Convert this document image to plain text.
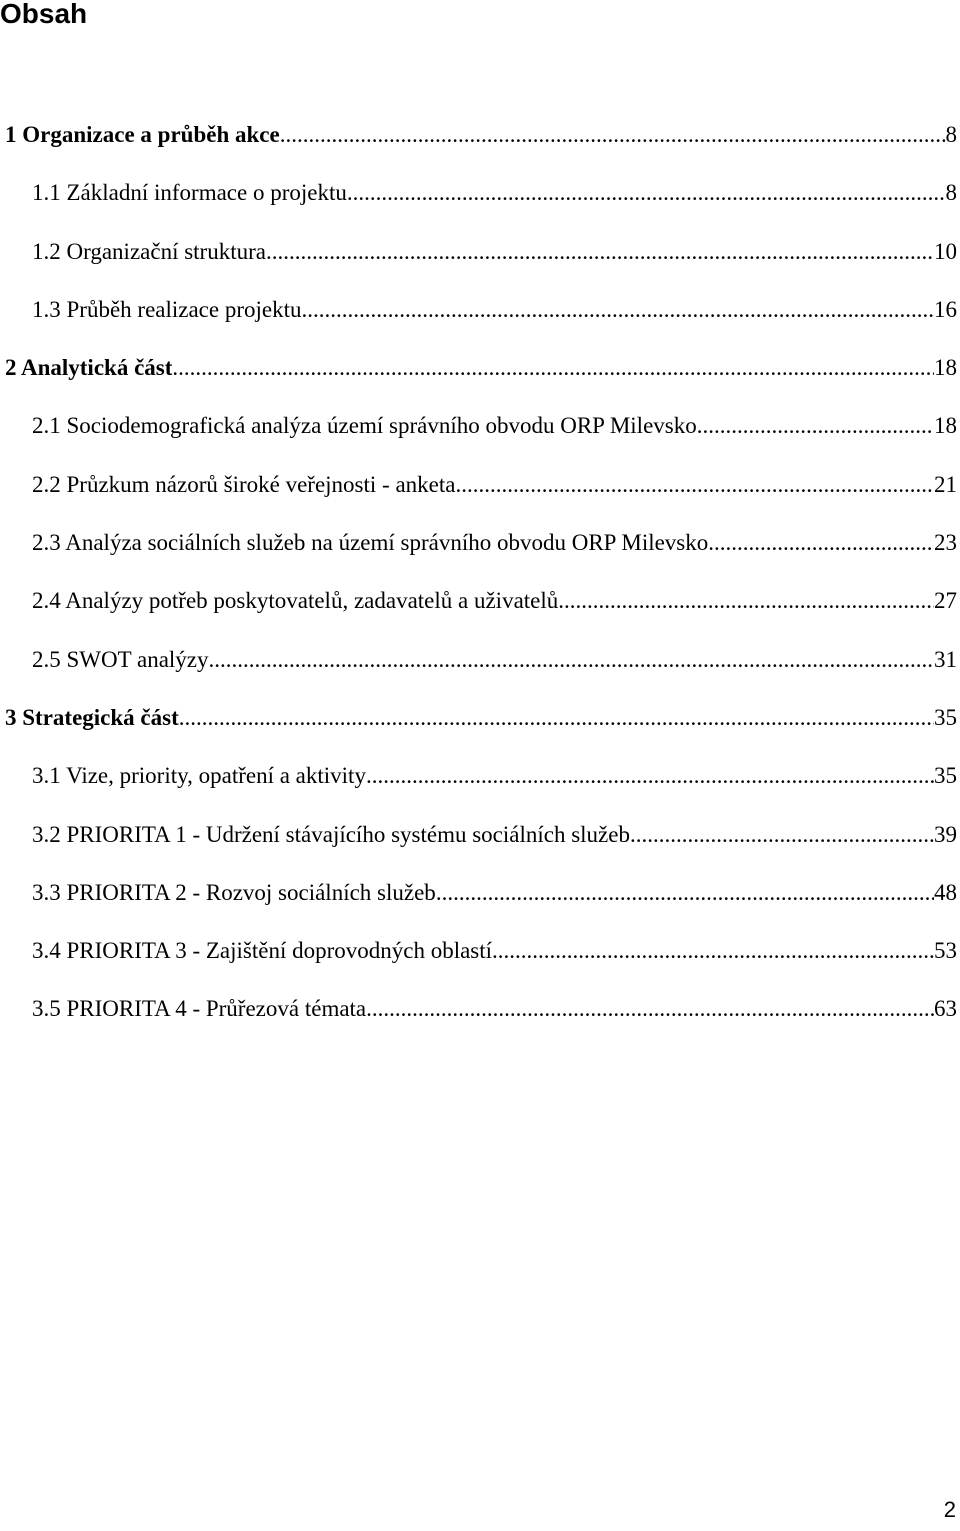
Obsah
1 Organizace a průběh akce .....	8
1.1 Základní informace o projektu .....	8
1.2 Organizační struktura .....	10
1.3 Průběh realizace projektu .....	16
2 Analytická část .....	18
2.1 Sociodemografická analýza území správního obvodu ORP Milevsko .....	18
2.2 Průzkum názorů široké veřejnosti - anketa .....	21
2.3 Analýza sociálních služeb na území správního obvodu ORP Milevsko .....	23
2.4 Analýzy potřeb poskytovatelů, zadavatelů a uživatelů .....	27
2.5 SWOT analýzy .....	31
3 Strategická část .....	35
3.1 Vize, priority, opatření a aktivity .....	35
3.2 PRIORITA 1 - Udržení stávajícího systému sociálních služeb .....	39
3.3 PRIORITA 2 - Rozvoj sociálních služeb .....	48
3.4 PRIORITA 3 - Zajištění doprovodných oblastí .....	53
3.5 PRIORITA 4 - Průřezová témata .....	63

2
